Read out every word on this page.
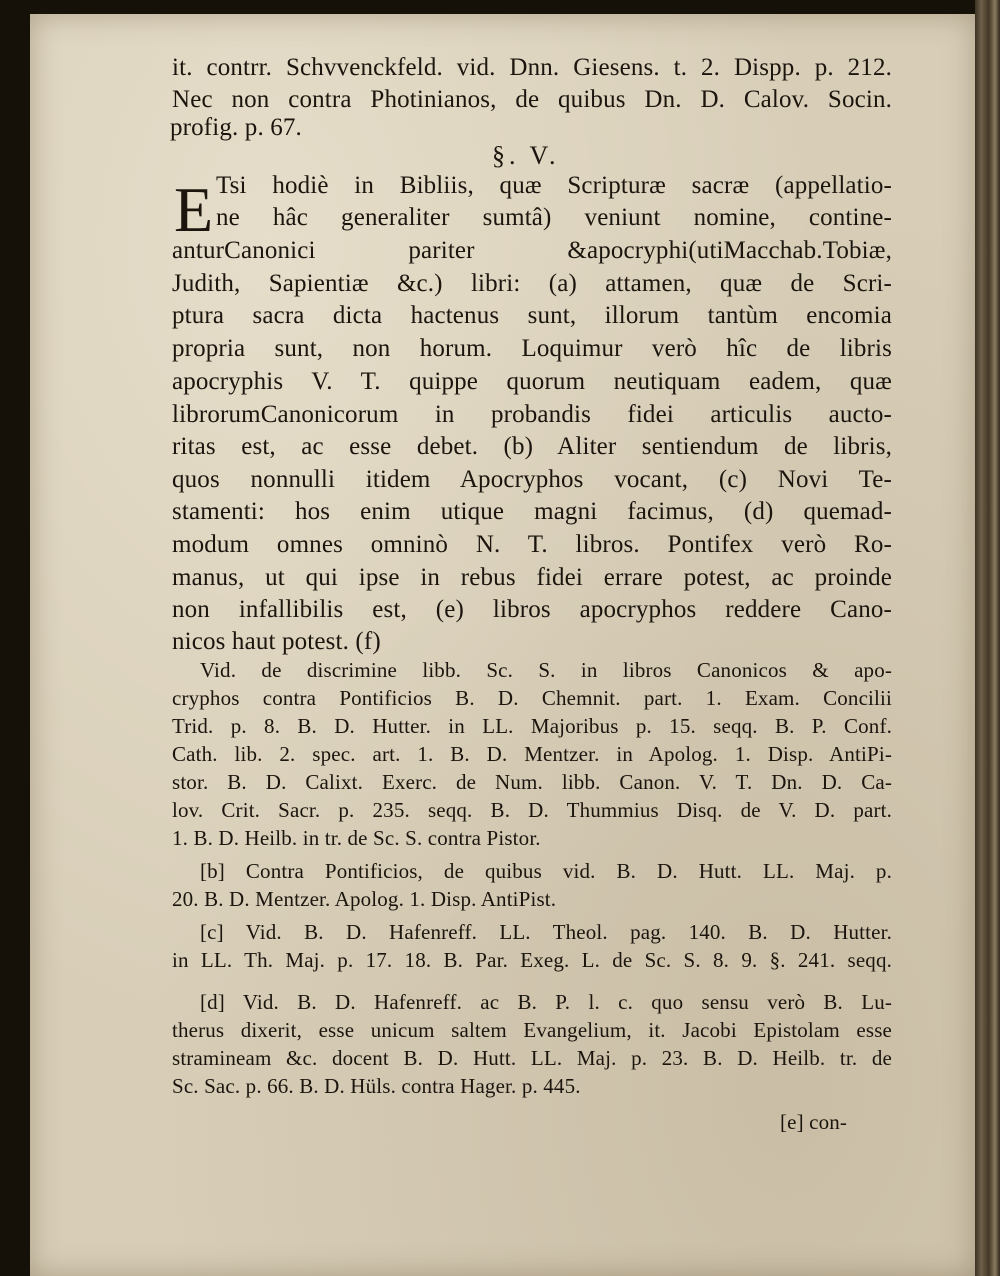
it. contrr. Schvvenckfeld. vid. Dnn. Giesens. t. 2. Dispp. p. 212.
Nec non contra Photinianos, de quibus Dn. D. Calov. Socin.
profig. p. 67.
§. V.
E Tsi hodiè in Bibliis, quæ Scripturæ sacræ (appellatio-
ne hâc generaliter sumtâ) veniunt nomine, contine-
anturCanonici pariter &apocryphi(utiMacchab.Tobiæ,
Judith, Sapientiæ &c.) libri: (a) attamen, quæ de Scri-
ptura sacra dicta hactenus sunt, illorum tantùm encomia
propria sunt, non horum. Loquimur verò hîc de libris
apocryphis V. T. quippe quorum neutiquam eadem, quæ
librorumCanonicorum in probandis fidei articulis aucto-
ritas est, ac esse debet. (b) Aliter sentiendum de libris,
quos nonnulli itidem Apocryphos vocant, (c) Novi Te-
stamenti: hos enim utique magni facimus, (d) quemad-
modum omnes omninò N. T. libros. Pontifex verò Ro-
manus, ut qui ipse in rebus fidei errare potest, ac proinde
non infallibilis est, (e) libros apocryphos reddere Cano-
nicos haut potest. (f)
Vid. de discrimine libb. Sc. S. in libros Canonicos & apo-
cryphos contra Pontificios B. D. Chemnit. part. 1. Exam. Concilii
Trid. p. 8. B. D. Hutter. in LL. Majoribus p. 15. seqq. B. P. Conf.
Cath. lib. 2. spec. art. 1. B. D. Mentzer. in Apolog. 1. Disp. AntiPi-
stor. B. D. Calixt. Exerc. de Num. libb. Canon. V. T. Dn. D. Ca-
lov. Crit. Sacr. p. 235. seqq. B. D. Thummius Disq. de V. D. part.
1. B. D. Heilb. in tr. de Sc. S. contra Pistor.
[b] Contra Pontificios, de quibus vid. B. D. Hutt. LL. Maj. p.
20. B. D. Mentzer. Apolog. 1. Disp. AntiPist.
[c] Vid. B. D. Hafenreff. LL. Theol. pag. 140. B. D. Hutter.
in LL. Th. Maj. p. 17. 18. B. Par. Exeg. L. de Sc. S. 8. 9. §. 241. seqq.
[d] Vid. B. D. Hafenreff. ac B. P. l. c. quo sensu verò B. Lu-
therus dixerit, esse unicum saltem Evangelium, it. Jacobi Epistolam esse
stramineam &c. docent B. D. Hutt. LL. Maj. p. 23. B. D. Heilb. tr. de
Sc. Sac. p. 66. B. D. Hüls. contra Hager. p. 445.
[e] con-
